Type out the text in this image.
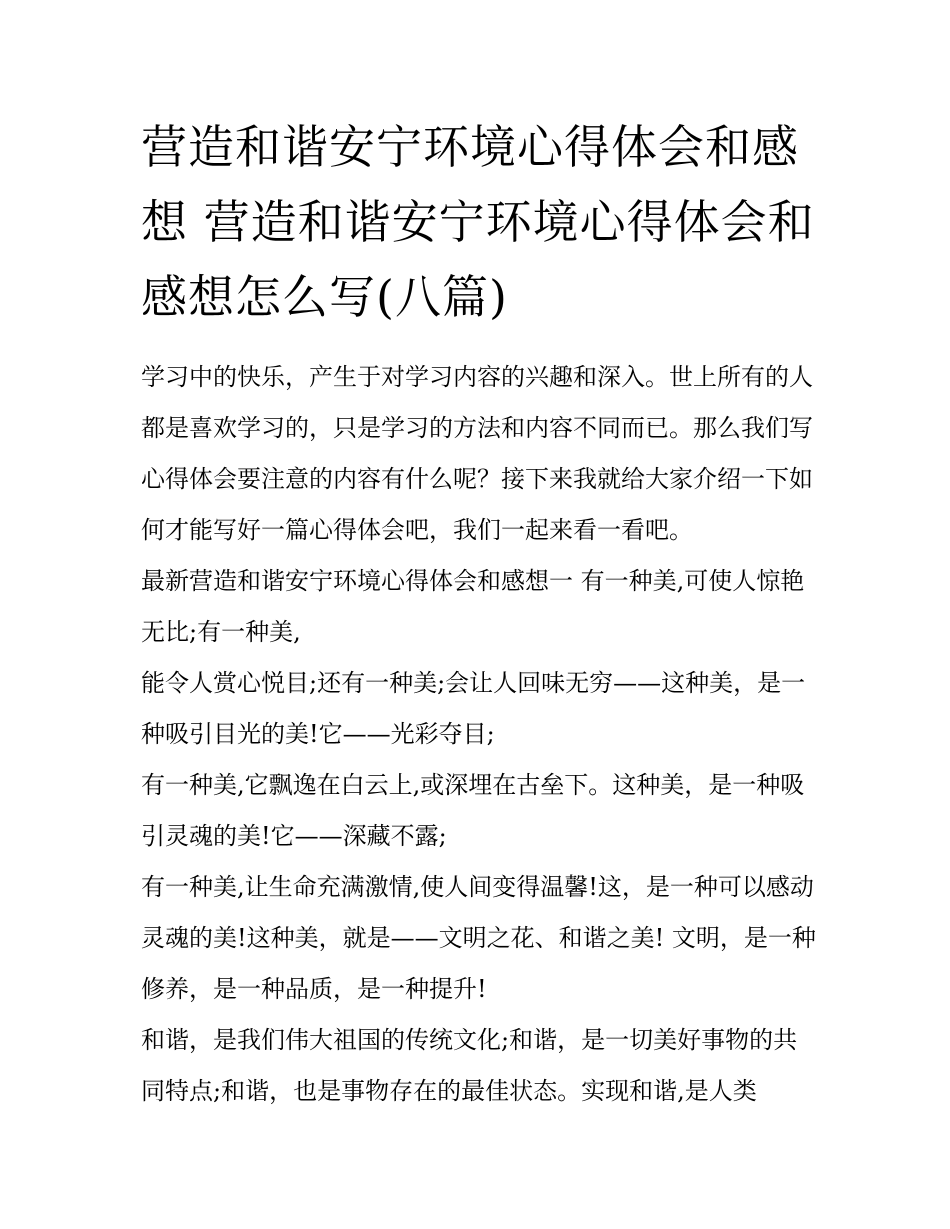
营造和谐安宁环境心得体会和感想 营造和谐安宁环境心得体会和感想怎么写(八篇)

学习中的快乐，产生于对学习内容的兴趣和深入。世上所有的人都是喜欢学习的，只是学习的方法和内容不同而已。那么我们写心得体会要注意的内容有什么呢？接下来我就给大家介绍一下如何才能写好一篇心得体会吧，我们一起来看一看吧。

最新营造和谐安宁环境心得体会和感想一 有一种美,可使人惊艳无比;有一种美,

能令人赏心悦目;还有一种美;会让人回味无穷——这种美，是一种吸引目光的美!它——光彩夺目;

有一种美,它飘逸在白云上,或深埋在古垒下。这种美，是一种吸引灵魂的美!它——深藏不露;

有一种美,让生命充满激情,使人间变得温馨!这，是一种可以感动灵魂的美!这种美，就是——文明之花、和谐之美! 文明，是一种修养，是一种品质，是一种提升!

和谐，是我们伟大祖国的传统文化;和谐，是一切美好事物的共同特点;和谐，也是事物存在的最佳状态。实现和谐,是人类
